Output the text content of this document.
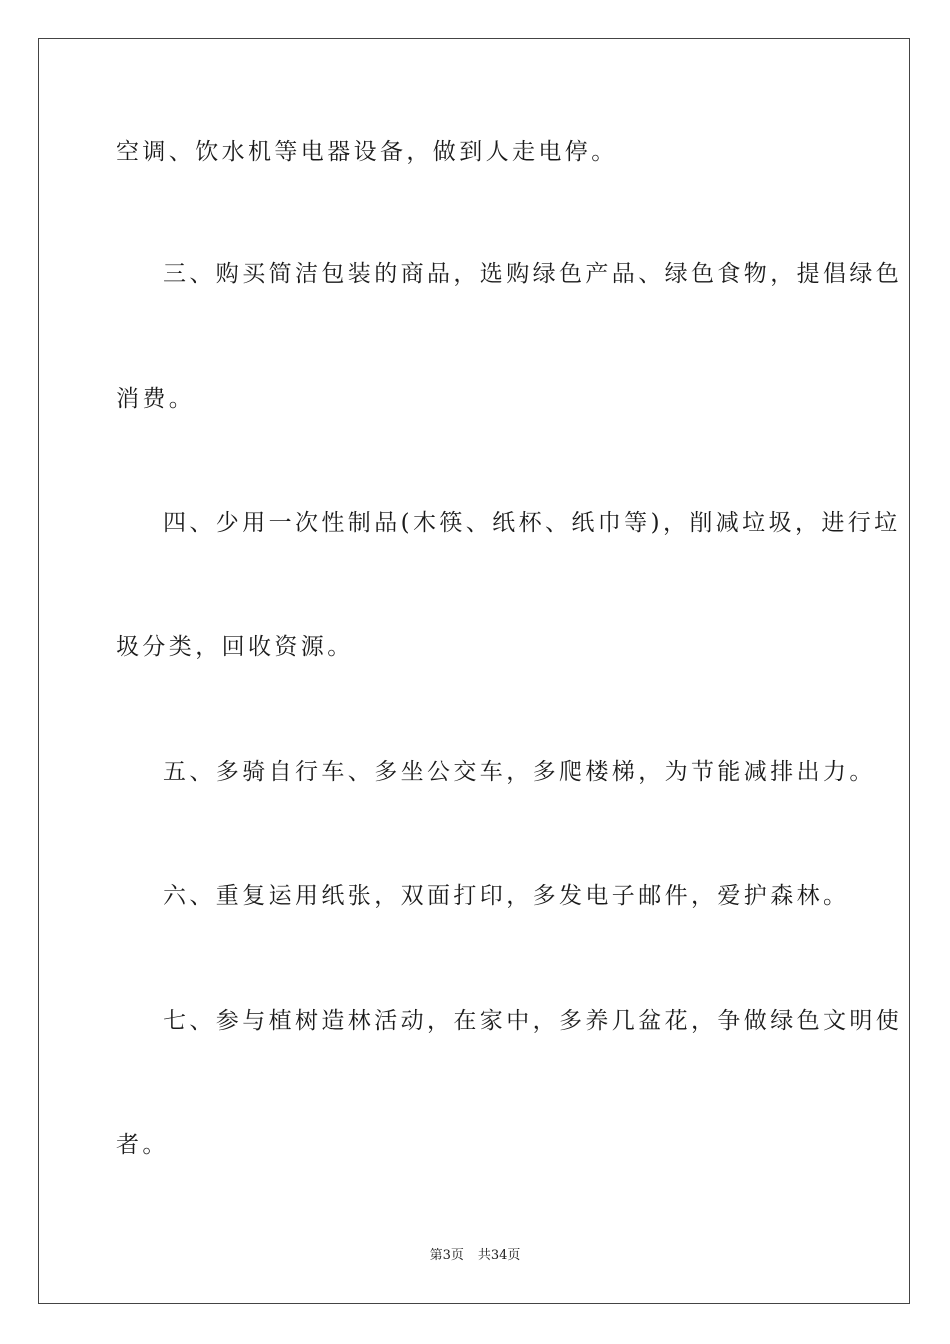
空调、饮水机等电器设备，做到人走电停。

三、购买简洁包装的商品，选购绿色产品、绿色食物，提倡绿色

消费。

四、少用一次性制品(木筷、纸杯、纸巾等)，削减垃圾，进行垃

圾分类，回收资源。

五、多骑自行车、多坐公交车，多爬楼梯，为节能减排出力。

六、重复运用纸张，双面打印，多发电子邮件，爱护森林。

七、参与植树造林活动，在家中，多养几盆花，争做绿色文明使

者。

第3页 共34页
